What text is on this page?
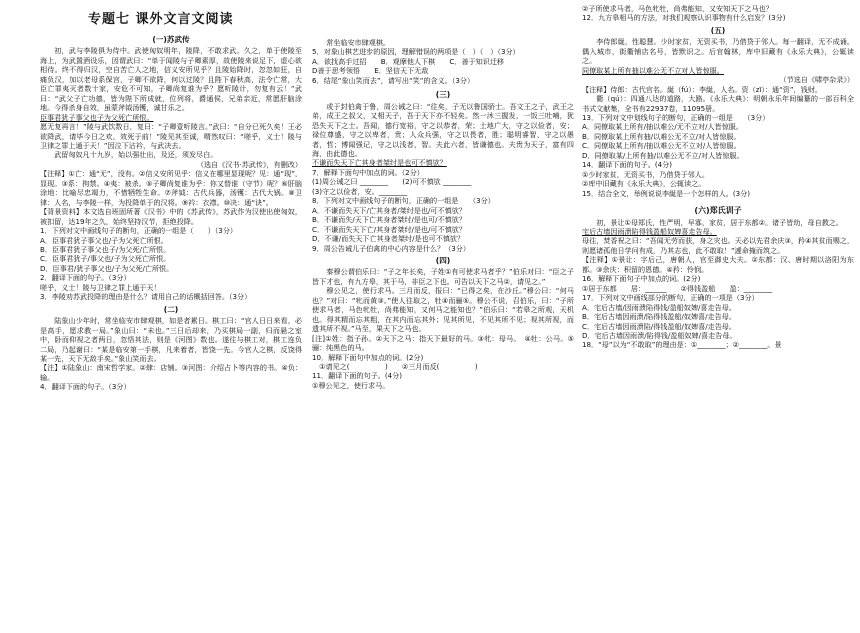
专题七 课外文言文阅读
(一)苏武传

初，武与李陵俱为侍中。武使匈奴明年，陵降，不敢求武。久之，单于使陵至海上，为武置酒设乐，因谓武曰：“单于闻陵与子卿素厚，故使陵来说足下，虚心欲相待。终不得归汉，空自苦亡人之地，信义安所见乎？且陵始降时，忽忽如狂，自痛负汉，加以老母系保宫，子卿不欲降，何以过陵？且陛下春秋高，法令亡常，大臣亡罪夷灭者数十家，安危不可知，子卿尚复谁为乎？愿听陵计，勿复有云！”武曰：“武父子亡功德，皆为陛下所成就，位列将，爵通侯，兄弟亲近，常愿肝脑涂地。今得杀身自效，虽蒙斧钺汤镬，诚甘乐之。

臣事君犹子事父也子为父死亡所恨。

愿无复再言！”陵与武饮数日，复曰：“子卿壹听陵言。”武曰：“自分已死久矣！王必欲降武，请毕今日之欢，效死于前！”陵见其至诚，喟然叹曰：“嗟乎，义士！陵与卫律之罪上通于天！”因泣下沾衿，与武决去。

武留匈奴凡十九岁，始以强壮出，及还，须发尽白。

（选自《汉书·苏武传》，有删改）

【注释】①亡：通“无”，没有。②信义安所见乎：信义在哪里显现呢？见：通“现”，显现。③系：拘禁。④夷：被杀。⑤子卿尚复谁为乎：你又替谁（守节）呢？⑥肝脑涂地：比喻尽忠竭力，不惜牺牲生命。⑦斧钺：古代兵器，汤镬：古代大锅。⑧卫律：人名，与李陵一样，为投降单于的汉将。⑨衿：衣襟。⑩决：通“诀”。

【背景资料】本文选自班固所著《汉书》中的《苏武传》，苏武作为汉使出使匈奴，被扣留，达19年之久，始终坚持汉节，拒绝投降。

1．下列对文中画线句子的断句，正确的一组是（　　）（3分）

A．臣事君犹子事父也/子为父死亡所恨。

B．臣事君犹子事父也子/为父死/亡所恨。

C．臣事君犹子/事父也/子为父死亡所恨。

D．臣事君/犹子事父也/子为父死/亡所恨。

2．翻译下面的句子。（3分）

嗟乎，义士！陵与卫律之罪上通于天！

3．李陵劝苏武投降的理由是什么？请用自己的话概括回答。（3分）

(二)

陆象山少年时，常坐临安市肆观棋，如是者累日。棋工曰：“官人日日来看，必是高手，愿求教一局。”象山曰：“未也。”三日后却来，乃买棋局一副，归而悬之室中，卧而仰视之者两日，忽悟其法，则是《河图》数也。遂往与棋工对，棋工连负二局，乃起谢曰：“某是临安第一手棋，凡来着者，皆饶一先。今官人之棋，反饶得某一先，天下无敌手矣。”象山笑而去。

【注】①陆象山：南宋哲学家。②肆：店铺。③河图：介绍占卜等内容的书。④负：输。

4．翻译下面的句子。（3分）

常坐临安市肆观棋。

5．对象山棋艺进步的原因，理解错误的两项是（　）（　）（3分）

A．欲找高手过招　　B．观摩他人下棋　　C．善于知识迁移

D善于思考领悟　　E．坚信天下无敌

6．结尾“象山笑而去”，请写出“笑”的含义。（3分）

(三)

或于封伯禽于鲁，周公诫之曰：“往矣，子无以鲁国骄士。吾文王之子，武王之弟，成王之叔父，又相天子，吾于天下亦不轻矣。然一沐三握发，一饭三吐哺，犹恐失天下之士。吾闻，德行宽裕，守之以恭者，荣；土地广大，守之以俭者，安；禄位尊盛，守之以卑者，贵；人众兵强，守之以畏者，胜；聪明睿智，守之以愚者，哲；博闻强记，守之以浅者，智。夫此六者，皆谦德也。夫贵为天子，富有四海，由此德也。

不谦而失天下亡其身者桀纣是也可不慎欤？

7．解释下面句中加点的词。（2分）

(1)周公诫之曰 ________　　(2)可不慎欤 ________

(3)守之以俭者，安。________

8．下列对文中画线句子的断句，正确的一组是　　（3分）

A．不谦而失天下/亡其身者/桀纣是也/可不慎欤？

B．不谦而失/天下亡其身者桀纣/是也可/不慎欤？

C．不谦而失天下亡/其身者桀纣/是也/可不慎欤？

D．不谦/而失天下亡其身者桀纣/是也可不慎欤？

9．周公告诫儿子伯禽的中心内容是什么？（3分）

(四)

秦穆公谓伯乐曰：“子之年长矣，子姓①有可使求马者乎？”伯乐对曰：“臣之子皆下才也，有九方皋，其于马，非臣之下也。可告以天下之马②，请见之。”

穆公见之，使行求马。三月而反，报曰：“已得之矣，在沙丘。”穆公曰：“何马也？”对曰：“牝而黄③。”使人往取之，牡④而骊⑤。穆公不说，召伯乐，曰：“子所使求马者，马色牝牡，尚弗能知，又何马之能知也？”伯乐曰：“若皋之所观，天机也。得其精而忘其粗，在其内而忘其外；见其所见，不见其所不见；视其所视，而遗其所不视。”马至，果天下之马也。

[注]①姓：指子孙。②天下之马：指天下最好的马。③牝：母马。　④牡：公马。⑤骊：纯黑色的马。

10．解释下面句中加点的词。(2分)

　①请见之(　　　　　)　　②三月而反(　　　　　)

11．翻译下面的句子。(4分)

①穆公见之，使行求马。

②子所使求马者，马色牝牡，尚弗能知，又安知天下之马也？

12．九方皋相马的方法，对我们观察认识事物有什么启发？(3分)

(五)

李侍郎綖，性聪慧。少时家贫，无资买书，乃借贷于邻人。每一翻译，无不成诵。偶入城市，街衢铺店名号，皆默识之。后官翰林，库中旧藏有《永乐大典》，公辄读之。

同僚取某上所有抽以难公无不立对人皆惊服。

（节选自《啸亭杂录》）

【注释】侍郎：古代官名。綖（fú）：李綖，人名。资（zī）：通“资”，钱财。

衢（qú）：四通八达的道路，大路。《永乐大典》：明朝永乐年间编纂的一部百科全书式文献集，全书有22937卷，11095册。

13．下列对文中划线句子的断句，正确的一组是　　（3分）

A．同僚取某上所有/抽以难公/无不立对/人皆惊服。

B．同僚取某上所有抽/以难公无不立/对人皆惊服。

C．同僚取某上所有/抽以难公无不立对/人皆惊服。

D．同僚取某/上所有抽/以难公无不立/对人皆惊服。

14．翻译下面的句子。(4分)

①少时家贫，无资买书，乃借贷于邻人。

②库中旧藏有《永乐大典》，公辄读之。

15．结合全文，举例说说李綖是一个怎样的人。(3分)

(六)郑氏训子

初，景让①母郑氏，性严明，早寡，家贫，居于东都②。诸子皆幼，母自教之。

宅后古墙因雨溃陷得钱盈船奴婢喜走告母。

母往，焚香祝之曰：“吾闻无劳而获，身之灾也。天必以先君余庆③，矜④其贫而赐之，则愿诸孤他日学问有成，乃其志也，此不敢取！”遽命掩而筑之。

【注释】①景让：字后己，唐朝人，官至御史大夫。②东都：汉、唐时期以洛阳为东都。③余庆：积留的恩德。④矜：怜悯。

16．解释下面句子中加点的词。(2分)

①居于东都　　居：______　　②得钱盈船　　盈：________

17．下列对文中画线部分的断句，正确的一项是（3分）

A．宅后古墙/因雨溃陷得钱/盈船奴婢/喜走告母。

B．宅后古墙因雨溃/陷得钱盈船/奴婢喜/走告母。

C．宅后古墙因雨溃陷/得钱盈船/奴婢喜/走告母。

D．宅后古墙因雨溃/陷得钱/盈船奴婢/喜走告母。

18．“母”以为“不敢取”的理由是：①________；②________。景
